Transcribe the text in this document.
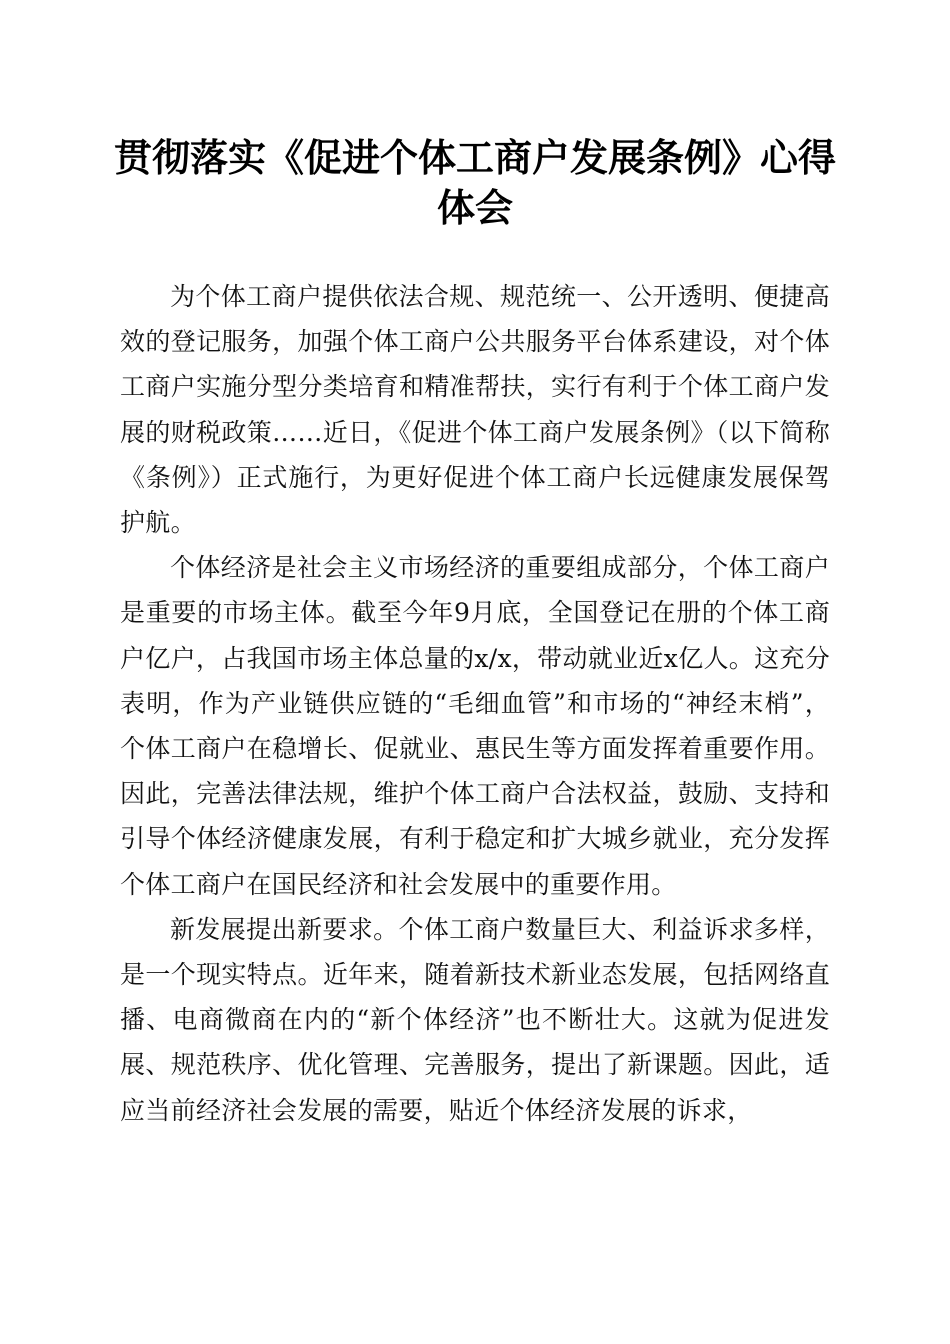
贯彻落实《促进个体工商户发展条例》心得体会

为个体工商户提供依法合规、规范统一、公开透明、便捷高效的登记服务，加强个体工商户公共服务平台体系建设，对个体工商户实施分型分类培育和精准帮扶，实行有利于个体工商户发展的财税政策……近日，《促进个体工商户发展条例》（以下简称《条例》）正式施行，为更好促进个体工商户长远健康发展保驾护航。

个体经济是社会主义市场经济的重要组成部分，个体工商户是重要的市场主体。截至今年9月底，全国登记在册的个体工商户亿户，占我国市场主体总量的x/x，带动就业近x亿人。这充分表明，作为产业链供应链的“毛细血管”和市场的“神经末梢”，个体工商户在稳增长、促就业、惠民生等方面发挥着重要作用。因此，完善法律法规，维护个体工商户合法权益，鼓励、支持和引导个体经济健康发展，有利于稳定和扩大城乡就业，充分发挥个体工商户在国民经济和社会发展中的重要作用。

新发展提出新要求。个体工商户数量巨大、利益诉求多样，是一个现实特点。近年来，随着新技术新业态发展，包括网络直播、电商微商在内的“新个体经济”也不断壮大。这就为促进发展、规范秩序、优化管理、完善服务，提出了新课题。因此，适应当前经济社会发展的需要，贴近个体经济发展的诉求，
